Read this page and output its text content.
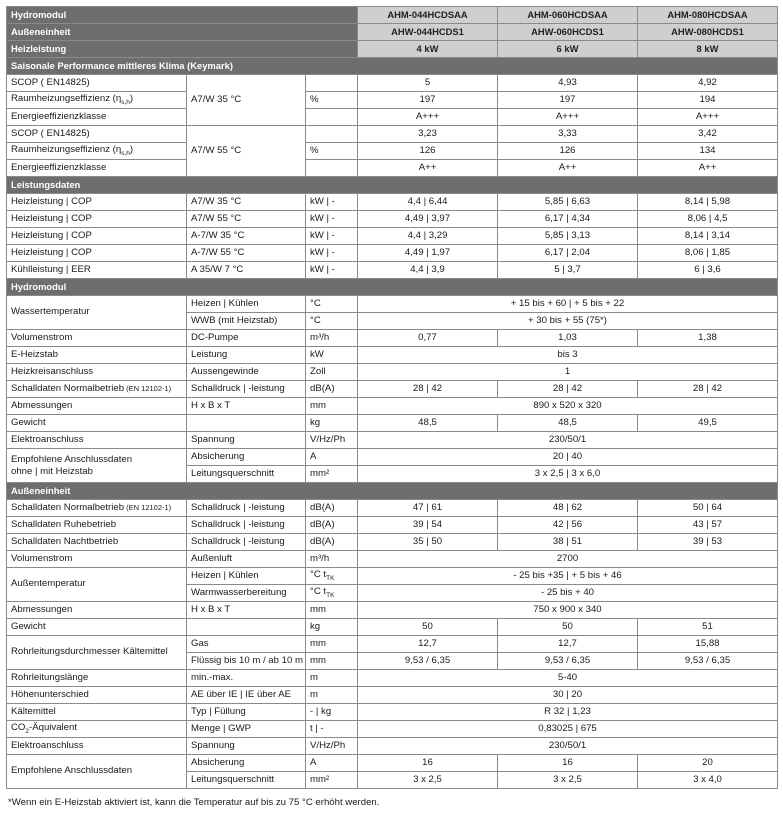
Hydromodul			AHM-044HCDSAA	AHM-060HCDSAA	AHM-080HCDSAA
Außeneinheit			AHW-044HCDS1	AHW-060HCDS1	AHW-080HCDS1
Heizleistung			4 kW	6 kW	8 kW
Saisonale Performance mittleres Klima (Keymark)					
SCOP ( EN14825)	A7/W 35 °C		5	4,93	4,92
Raumheizungseffizienz $(\eta_{s,h})$		%	197	197	194
Energieeffizienzklasse			A+++	A+++	A+++
SCOP ( EN14825)	A7/W 55 °C		3,23	3,33	3,42
Raumheizungseffizienz $(\eta_{s,h})$		%	126	126	134
Energieeffizienzklasse			A++	A++	A++
Leistungsdaten					
Heizleistung | COP	A7/W 35 °C	kW | -	4,4 | 6,44	5,85 | 6,63	8,14 | 5,98
Heizleistung | COP	A7/W 55 °C	kW | -	4,49 | 3,97	6,17 | 4,34	8,06 | 4,5
Heizleistung | COP	A-7/W 35 °C	kW | -	4,4 | 3,29	5,85 | 3,13	8,14 | 3,14
Heizleistung | COP	A-7/W 55 °C	kW | -	4,49 | 1,97	6,17 | 2,04	8,06 | 1,85
Kühlleistung | EER	A 35/W 7 °C	kW | -	4,4 | 3,9	5 | 3,7	6 | 3,6
Hydromodul					
Wassertemperatur	Heizen | Kühlen	°C	+ 15 bis + 60 | + 5 bis + 22		
	WWB (mit Heizstab)	°C	+ 30 bis + 55 (75*)		
Volumenstrom	DC-Pumpe	m³/h	0,77	1,03	1,38
E-Heizstab	Leistung	kW	bis 3		
Heizkreisanschluss	Aussengewinde	Zoll	1		
Schalldaten Normalbetrieb (EN 12102-1)	Schalldruck | -leistung	dB(A)	28 | 42	28 | 42	28 | 42
Abmessungen	H x B x T	mm	890 x 520 x 320		
Gewicht		kg	48,5	48,5	49,5
Elektroanschluss	Spannung	V/Hz/Ph	230/50/1		
Empfohlene Anschlussdaten
ohne | mit Heizstab	Absicherung	A	20 | 40		
	Leitungsquerschnitt	mm²	3 x 2,5 | 3 x 6,0		
Außeneinheit					
Schalldaten Normalbetrieb (EN 12102-1)	Schalldruck | -leistung	dB(A)	47 | 61	48 | 62	50 | 64
Schalldaten Ruhebetrieb	Schalldruck | -leistung	dB(A)	39 | 54	42 | 56	43 | 57
Schalldaten Nachtbetrieb	Schalldruck | -leistung	dB(A)	35 | 50	38 | 51	39 | 53
Volumenstrom	Außenluft	m³/h	2700		
Außentemperatur	Heizen | Kühlen	°C $t_{TK}$	- 25 bis +35 | + 5 bis + 46		
	Warmwasserbereitung	°C $t_{TK}$	- 25 bis + 40		
Abmessungen	H x B x T	mm	750 x 900 x 340		
Gewicht		kg	50	50	51
Rohrleitungsdurchmesser Kältemittel	Gas	mm	12,7	12,7	15,88
	Flüssig bis 10 m / ab 10 m	mm	9,53 / 6,35	9,53 / 6,35	9,53 / 6,35
Rohrleitungslänge	min.-max.	m	5-40		
Höhenunterschied	AE über IE | IE über AE	m	30 | 20		
Kältemittel	Typ | Füllung	- | kg	R 32 | 1,23		
$CO_2$-Äquivalent	Menge | GWP	t | -	0,83025 | 675		
Elektroanschluss	Spannung	V/Hz/Ph	230/50/1		
Empfohlene Anschlussdaten	Absicherung	A	16	16	20
	Leitungsquerschnitt	mm²	3 x 2,5	3 x 2,5	3 x 4,0
*Wenn ein E-Heizstab aktiviert ist, kann die Temperatur auf bis zu 75 °C erhöht werden.
